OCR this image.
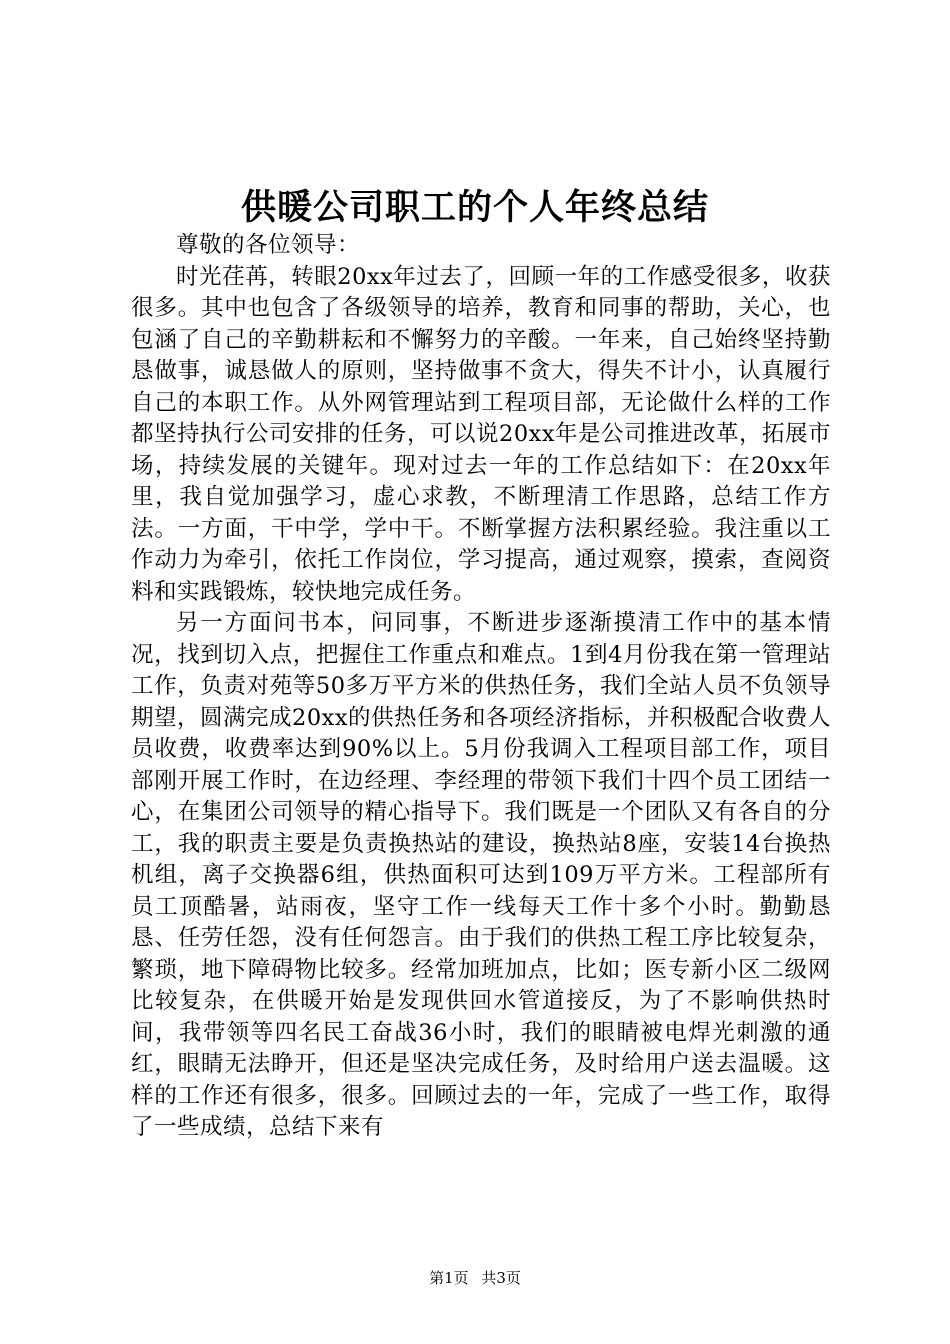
供暖公司职工的个人年终总结

尊敬的各位领导：

时光荏苒，转眼20xx年过去了，回顾一年的工作感受很多，收获很多。其中也包含了各级领导的培养，教育和同事的帮助，关心，也包涵了自己的辛勤耕耘和不懈努力的辛酸。一年来，自己始终坚持勤恳做事，诚恳做人的原则，坚持做事不贪大，得失不计小，认真履行自己的本职工作。从外网管理站到工程项目部，无论做什么样的工作都坚持执行公司安排的任务，可以说20xx年是公司推进改革，拓展市场，持续发展的关键年。现对过去一年的工作总结如下：在20xx年里，我自觉加强学习，虚心求教，不断理清工作思路，总结工作方法。一方面，干中学，学中干。不断掌握方法积累经验。我注重以工作动力为牵引，依托工作岗位，学习提高，通过观察，摸索，查阅资料和实践锻炼，较快地完成任务。

另一方面问书本，问同事，不断进步逐渐摸清工作中的基本情况，找到切入点，把握住工作重点和难点。1到4月份我在第一管理站工作，负责对苑等50多万平方米的供热任务，我们全站人员不负领导期望，圆满完成20xx的供热任务和各项经济指标，并积极配合收费人员收费，收费率达到90%以上。5月份我调入工程项目部工作，项目部刚开展工作时，在边经理、李经理的带领下我们十四个员工团结一心，在集团公司领导的精心指导下。我们既是一个团队又有各自的分工，我的职责主要是负责换热站的建设，换热站8座，安装14台换热机组，离子交换器6组，供热面积可达到109万平方米。工程部所有员工顶酷暑，站雨夜，坚守工作一线每天工作十多个小时。勤勤恳恳、任劳任怨，没有任何怨言。由于我们的供热工程工序比较复杂，繁琐，地下障碍物比较多。经常加班加点，比如；医专新小区二级网比较复杂，在供暖开始是发现供回水管道接反，为了不影响供热时间，我带领等四名民工奋战36小时，我们的眼睛被电焊光刺激的通红，眼睛无法睁开，但还是坚决完成任务，及时给用户送去温暖。这样的工作还有很多，很多。回顾过去的一年，完成了一些工作，取得了一些成绩，总结下来有

第1页 共3页
